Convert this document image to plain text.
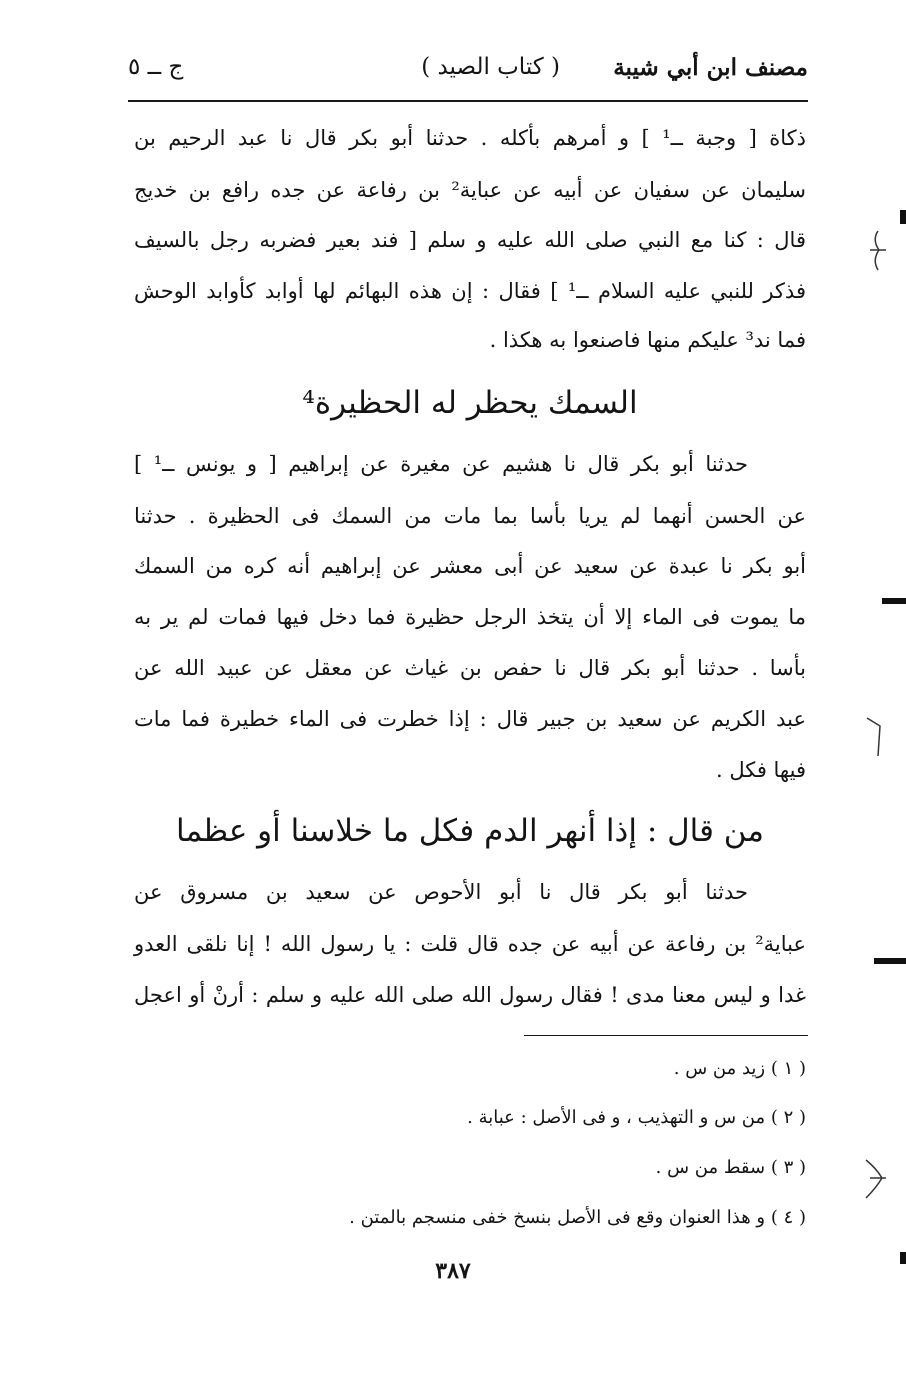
مصنف ابن أبي شيبة
( كتاب الصيد )
ج ــ ٥
ذكاة [ وجبة ــ¹ ] و أمرهم بأكله . حدثنا أبو بكر قال نا عبد الرحيم بن
سليمان عن سفيان عن أبيه عن عباية² بن رفاعة عن جده رافع بن خديج
قال : كنا مع النبي صلى الله عليه و سلم [ فند بعير فضربه رجل بالسيف
فذكر للنبي عليه السلام ــ¹ ] فقال : إن هذه البهائم لها أوابد كأوابد الوحش
فما ند³ عليكم منها فاصنعوا به هكذا .
السمك يحظر له الحظيرة⁴
حدثنا أبو بكر قال نا هشيم عن مغيرة عن إبراهيم [ و يونس ــ¹ ]
عن الحسن أنهما لم يريا بأسا بما مات من السمك فى الحظيرة . حدثنا
أبو بكر نا عبدة عن سعيد عن أبى معشر عن إبراهيم أنه كره من السمك
ما يموت فى الماء إلا أن يتخذ الرجل حظيرة فما دخل فيها فمات لم ير به
بأسا . حدثنا أبو بكر قال نا حفص بن غياث عن معقل عن عبيد الله عن
عبد الكريم عن سعيد بن جبير قال : إذا خطرت فى الماء خطيرة فما مات
فيها فكل .
من قال : إذا أنهر الدم فكل ما خلاسنا أو عظما
حدثنا أبو بكر قال نا أبو الأحوص عن سعيد بن مسروق عن
عباية² بن رفاعة عن أبيه عن جده قال قلت : يا رسول الله ! إنا نلقى العدو
غدا و ليس معنا مدى ! فقال رسول الله صلى الله عليه و سلم : أرنْ أو اعجل
( ١ ) زيد من س .
( ٢ ) من س و التهذيب ، و فى الأصل : عبابة .
( ٣ ) سقط من س .
( ٤ ) و هذا العنوان وقع فى الأصل بنسخ خفى منسجم بالمتن .
٣٨٧
